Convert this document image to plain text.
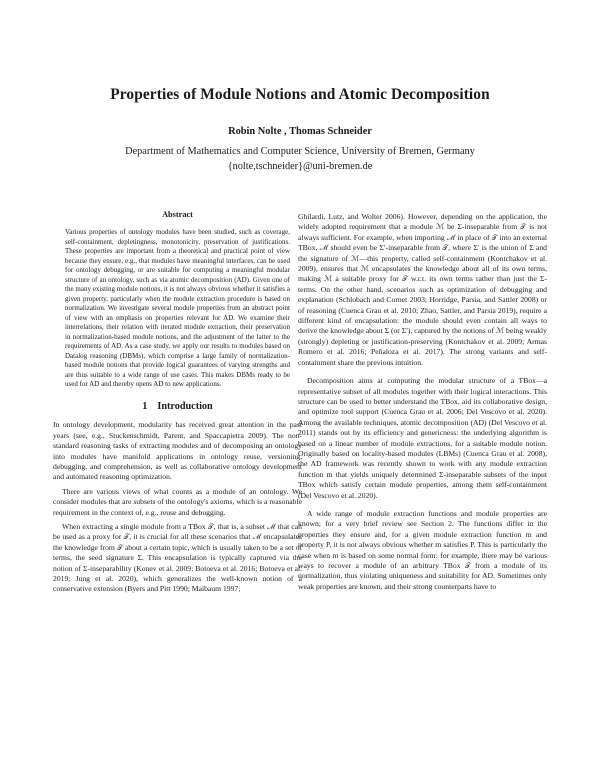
Properties of Module Notions and Atomic Decomposition
Robin Nolte , Thomas Schneider
Department of Mathematics and Computer Science, University of Bremen, Germany
{nolte,tschneider}@uni-bremen.de
Abstract
Various properties of ontology modules have been studied, such as coverage, self-containment, depletingness, monotonicity, preservation of justifications. These properties are important from a theoretical and practical point of view because they ensure, e.g., that modules have meaningful interfaces, can be used for ontology debugging, or are suitable for computing a meaningful modular structure of an ontology, such as via atomic decomposition (AD). Given one of the many existing module notions, it is not always obvious whether it satisfies a given property, particularly when the module extraction procedure is based on normalization. We investigate several module properties from an abstract point of view with an emphasis on properties relevant for AD. We examine their interrelations, their relation with iterated module extraction, their preservation in normalization-based module notions, and the adjustment of the latter to the requirements of AD. As a case study, we apply our results to modules based on Datalog reasoning (DBMs), which comprise a large family of normalization-based module notions that provide logical guarantees of varying strengths and are thus suitable to a wide range of use cases. This makes DBMs ready to be used for AD and thereby opens AD to new applications.
1 Introduction

In ontology development, modularity has received great attention in the past years (see, e.g., Stuckenschmidt, Parent, and Spaccapietra 2009). The non-standard reasoning tasks of extracting modules and of decomposing an ontology into modules have manifold applications in ontology reuse, versioning, debugging, and comprehension, as well as collaborative ontology development and automated reasoning optimization.

There are various views of what counts as a module of an ontology. We consider modules that are subsets of the ontology's axioms, which is a reasonable requirement in the context of, e.g., reuse and debugging.

When extracting a single module from a TBox 𝒯, that is, a subset ℳ that can be used as a proxy for 𝒯, it is crucial for all these scenarios that ℳ encapsulates the knowledge from 𝒯 about a certain topic, which is usually taken to be a set of terms, the seed signature Σ. This encapsulation is typically captured via the notion of Σ-inseparability (Konev et al. 2009; Botoeva et al. 2016; Botoeva et al. 2019; Jung et al. 2020), which generalizes the well-known notion of a conservative extension (Byers and Pitt 1990; Maibaum 1997;

Ghilardi, Lutz, and Wolter 2006). However, depending on the application, the widely adopted requirement that a module ℳ be Σ-inseparable from 𝒯 is not always sufficient. For example, when importing ℳ in place of 𝒯 into an external TBox, ℳ should even be Σ′-inseparable from 𝒯, where Σ′ is the union of Σ and the signature of ℳ—this property, called self-containment (Kontchakov et al. 2009), ensures that ℳ encapsulates the knowledge about all of its own terms, making ℳ a suitable proxy for 𝒯 w.r.t. its own terms rather than just the Σ-terms. On the other hand, scenarios such as optimization of debugging and explanation (Schlobach and Cornet 2003; Horridge, Parsia, and Sattler 2008) or of reasoning (Cuenca Grau et al. 2010; Zhao, Sattler, and Parsia 2019), require a different kind of encapsulation: the module should even contain all ways to derive the knowledge about Σ (or Σ′), captured by the notions of ℳ being weakly (strongly) depleting or justification-preserving (Kontchakov et al. 2009; Armas Romero et al. 2016; Peñaloza et al. 2017). The strong variants and self-containment share the previous intuition.

Decomposition aims at computing the modular structure of a TBox—a representative subset of all modules together with their logical interactions. This structure can be used to better understand the TBox, aid its collaborative design, and optimize tool support (Cuenca Grau et al. 2006; Del Vescovo et al. 2020). Among the available techniques, atomic decomposition (AD) (Del Vescovo et al. 2011) stands out by its efficiency and genericness: the underlying algorithm is based on a linear number of module extractions, for a suitable module notion. Originally based on locality-based modules (LBMs) (Cuenca Grau et al. 2008), the AD framework was recently shown to work with any module extraction function m that yields uniquely determined Σ-inseparable subsets of the input TBox which satisfy certain module properties, among them self-containment (Del Vescovo et al. 2020).

A wide range of module extraction functions and module properties are known; for a very brief review see Section 2. The functions differ in the properties they ensure and, for a given module extraction function m and property P, it is not always obvious whether m satisfies P. This is particularly the case when m is based on some normal form: for example, there may be various ways to recover a module of an arbitrary TBox 𝒯 from a module of its normalization, thus violating uniqueness and suitability for AD. Sometimes only weak properties are known, and their strong counterparts have to
